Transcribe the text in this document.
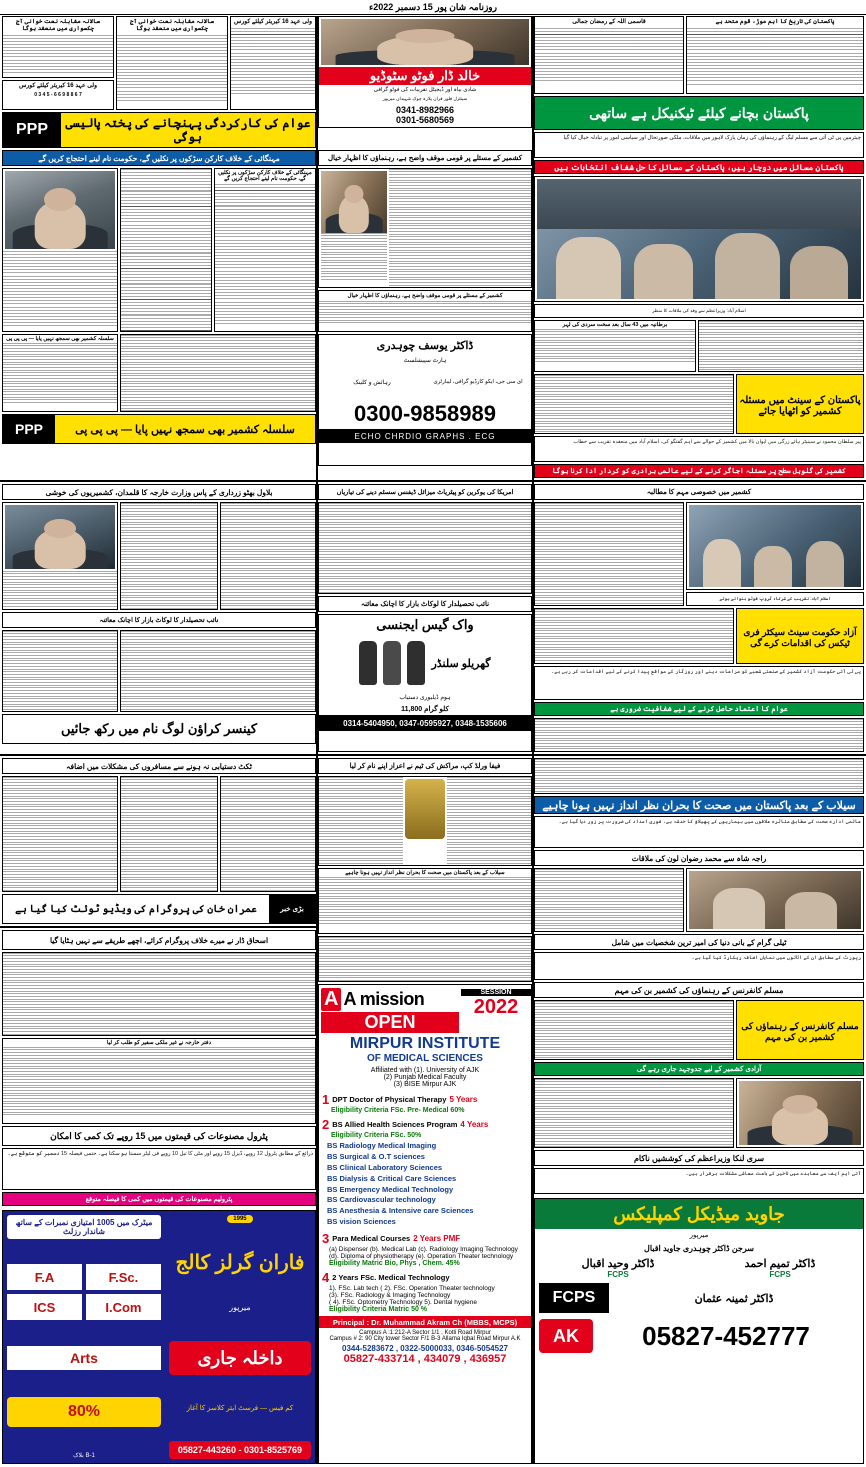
روزنامہ شان پور 15 دسمبر 2022ء
سالانہ مقابلہ نعت خوانی آج چکسواری میں منعقد ہوگا
ولی عہد 16 کیریئر کیلئے کورس
0 3 4 5 - 6 6 9 8 8 6 7
سالانہ مقابلہ نعت خوانی آج چکسواری میں منعقد ہوگا
ولی عہد 16 کیریئر کیلئے کورس
خالد ڈار فوٹو سٹوڈیو
شادی بیاہ اور ڈیجیٹل تقریبات کی فوٹو گرافی
سینٹرل فلور فران پلازہ چوک شہیداں میرپور
0341-8982966
0301-5680569
قاسمی اللہ کے رمضان جمالی	پاکستان کی تاریخ کا اہم موڑ، قوم متحد ہے
پاکستان بچانے کیلئے ٹیکنیکل ہے ساتھی
PPP	عوام کی کارکردگی پہنچانے کی پختہ پالیسی ہوگی
مہنگائی کے خلاف کارکن سڑکوں پر نکلیں گے، حکومت نام لینے احتجاج کریں گے
مہنگائی کے خلاف کارکن سڑکوں پر نکلیں گے، حکومت نام لینے احتجاج کریں گے
کشمیر کے مسئلے پر قومی موقف واضح ہے، رہنماؤں کا اظہار خیال
کشمیر کے مسئلے پر قومی موقف واضح ہے، رہنماؤں کا اظہار خیال
چیئرمین پی ٹی آئی سے مسلم لیگ کے رہنماؤں کی زمان پارک لاہور میں ملاقات، ملکی صورتحال اور سیاسی امور پر تبادلہ خیال کیا گیا
پاکستان مسائل میں دوچار ہیں، پاکستان کے مسائل کا حل شفاف انتخابات ہیں
اسلام آباد: وزیراعظم سے وفد کی ملاقات کا منظر
برطانیہ میں 43 سال بعد سخت سردی کی لہر
سلسلہ کشمیر بھی سمجھ نہیں پایا — پی پی پی
PPP	سلسلہ کشمیر بھی سمجھ نہیں پایا — پی پی پی
ڈاکٹر یوسف چوہدری
ہارٹ سپیشلسٹ
رہائش و کلینک	ای سی جی، ایکو کارڈیو گرافی، لیبارٹری
0300-9858989
ECHO CHRDIO GRAPHS . ECG
پاکستان کے سینٹ میں مسئلہ کشمیر کو اٹھایا جائے
پیر سلطان محمود نے سینیٹر ہائے زرگی میں ایوان بالا میں کشمیر کے حوالے سے اہم گفتگو کی، اسلام آباد میں منعقدہ تقریب سے خطاب
کشمیر کی گلوبل سطح پر مسئلہ اجاگر کرنے کے لیے عالمی برادری کو کردار ادا کرنا ہوگا
بلاول بھٹو زرداری کے پاس وزارت خارجہ کا قلمدان، کشمیریوں کی خوشی	امریکا کی یوکرین کو پیٹریاٹ میزائل ڈیفنس سسٹم دینے کی تیاریاں
نائب تحصیلدار کا لوکاٹ بازار کا اچانک معائنہ
کشمیر میں خصوصی مہم کا مطالبہ
اسلام آباد: تقریب کے شرکاء گروپ فوٹو بنواتے ہوئے
نائب تحصیلدار کا لوکاٹ بازار کا اچانک معائنہ
کینسر کراؤن لوگ نام میں رکھ جائیں
واک گیس ایجنسی
گھریلو سلنڈر
ہوم ڈیلیوری دستیاب
11,800 کلو گرام
0314-5404950, 0347-0595927, 0348-1535606
آزاد حکومت سینٹ سیکٹر فری ٹیکس کی اقدامات کرے گی
پی ٹی آئی حکومت آزاد کشمیر کے صنعتی شعبے کو مراعات دینے اور روزگار کے مواقع پیدا کرنے کے لیے اقدامات کر رہی ہے۔
عوام کا اعتماد حاصل کرنے کے لیے شفافیت ضروری ہے
ٹکٹ دستیابی نہ ہونے سے مسافروں کی مشکلات میں اضافہ
عمران خان کی پروگرام کی ویڈیو ٹوئٹ کیا گیا ہے	بڑی خبر
فیفا ورلڈ کپ، مراکش کی ٹیم نے اعزاز اپنے نام کر لیا
سیلاب کے بعد پاکستان میں صحت کا بحران نظر انداز نہیں ہونا چاہیے
عالمی ادارہ صحت کے مطابق متاثرہ علاقوں میں بیماریوں کے پھیلاؤ کا خدشہ ہے، فوری امداد کی ضرورت پر زور دیا گیا ہے۔
راجہ شاہ سے محمد رضوان لون کی ملاقات
ٹیلی گرام کے بانی دنیا کی امیر ترین شخصیات میں شامل
رپورٹ کے مطابق ان کے اثاثوں میں نمایاں اضافہ ریکارڈ کیا گیا ہے۔
اسحاق ڈار نے میرے خلاف پروگرام کرائے، اچھے طریقے سے نہیں ہٹایا گیا
دفتر خارجہ نے غیر ملکی سفیر کو طلب کر لیا
پٹرول مصنوعات کی قیمتوں میں 15 روپے تک کمی کا امکان
ذرائع کے مطابق پٹرول 12 روپے، ڈیزل 15 روپے اور مٹی کا تیل 10 روپے فی لیٹر سستا ہو سکتا ہے۔ حتمی فیصلہ 15 دسمبر کو متوقع ہے۔
پٹرولیم مصنوعات کی قیمتوں میں کمی کا فیصلہ متوقع
میٹرک میں 1005 امتیازی نمبرات کے ساتھ شاندار رزلٹ
F.A	F.Sc.
ICS	I.Com
Arts
80%
B-1 بلاک
1995
فاران گرلز کالج
میرپور
داخلہ جاری
کم فیس — فرسٹ ایئر کلاسز کا آغاز
05827-443260 - 0301-8525769
سیلاب کے بعد پاکستان میں صحت کا بحران نظر انداز نہیں ہونا چاہیے
A A mission
OPEN
SESSION
2022
MIRPUR INSTITUTE
OF MEDICAL SCIENCES
Affiliated with (1). University of AJK
(2) Punjab Medical Faculty
(3) BISE Mirpur AJK
1 DPT Doctor of Physical Therapy 5 Years
Eligibility Criteria FSc. Pre- Medical 60%
2 BS Allied Health Sciences Program 4 Years
Eligibility Criteria FSc. 50%
BS Radiology Medical Imaging
BS Surgical & O.T sciences
BS Clinical Laboratory Sciences
BS Dialysis & Critical Care Sciences
BS Emergency Medical Technology
BS Cardiovascular technology
BS Anesthesia & Intensive care Sciences
BS vision Sciences
3 Para Medical Courses 2 Years PMF
(a) Dispenser (b). Medical Lab (c). Radiology Imaging Technology
(d). Diploma of physiotherapy (e). Operation Theater technology
Eligibility Matric Bio, Phys , Chem. 45%
4 2 Years FSc. Medical Technology
1). FSc. Lab tech ( 2). FSc. Operation Theater technology
(3). FSc. Radiology & Imaging Technology
( 4). FSc. Optometry Technology 5). Dental hygiene
Eligibility Criteria Matric 50 %
Principal : Dr. Muhammad Akram Ch (MBBS, MCPS)
Campus A :1:212-A Sector 1/1 , Kotli Road Mirpur
Campus # 2: 90 City tower Sector F/1 B-3 Allama Iqbal Road Mirpur A.K
0344-5283672 , 0322-5000033, 0346-5054527
05827-433714 , 434079 , 436957
مسلم کانفرنس کے رہنماؤں کی کشمیر بن کی مہم
مسلم کانفرنس کے رہنماؤں کی کشمیر بن کی مہم
آزادی کشمیر کے لیے جدوجہد جاری رہے گی
سری لنکا وزیراعظم کی کوششیں ناکام
آئی ایم ایف سے معاہدے میں تاخیر کے باعث معاشی مشکلات برقرار ہیں۔
جاوید میڈیکل کمپلیکس
میرپور
سرجن ڈاکٹر چوہدری جاوید اقبال
ڈاکٹر وحید اقبال
FCPS
ڈاکٹر تمیم احمد
FCPS
FCPS	ڈاکٹر ثمینہ عثمان
AK	05827-452777
